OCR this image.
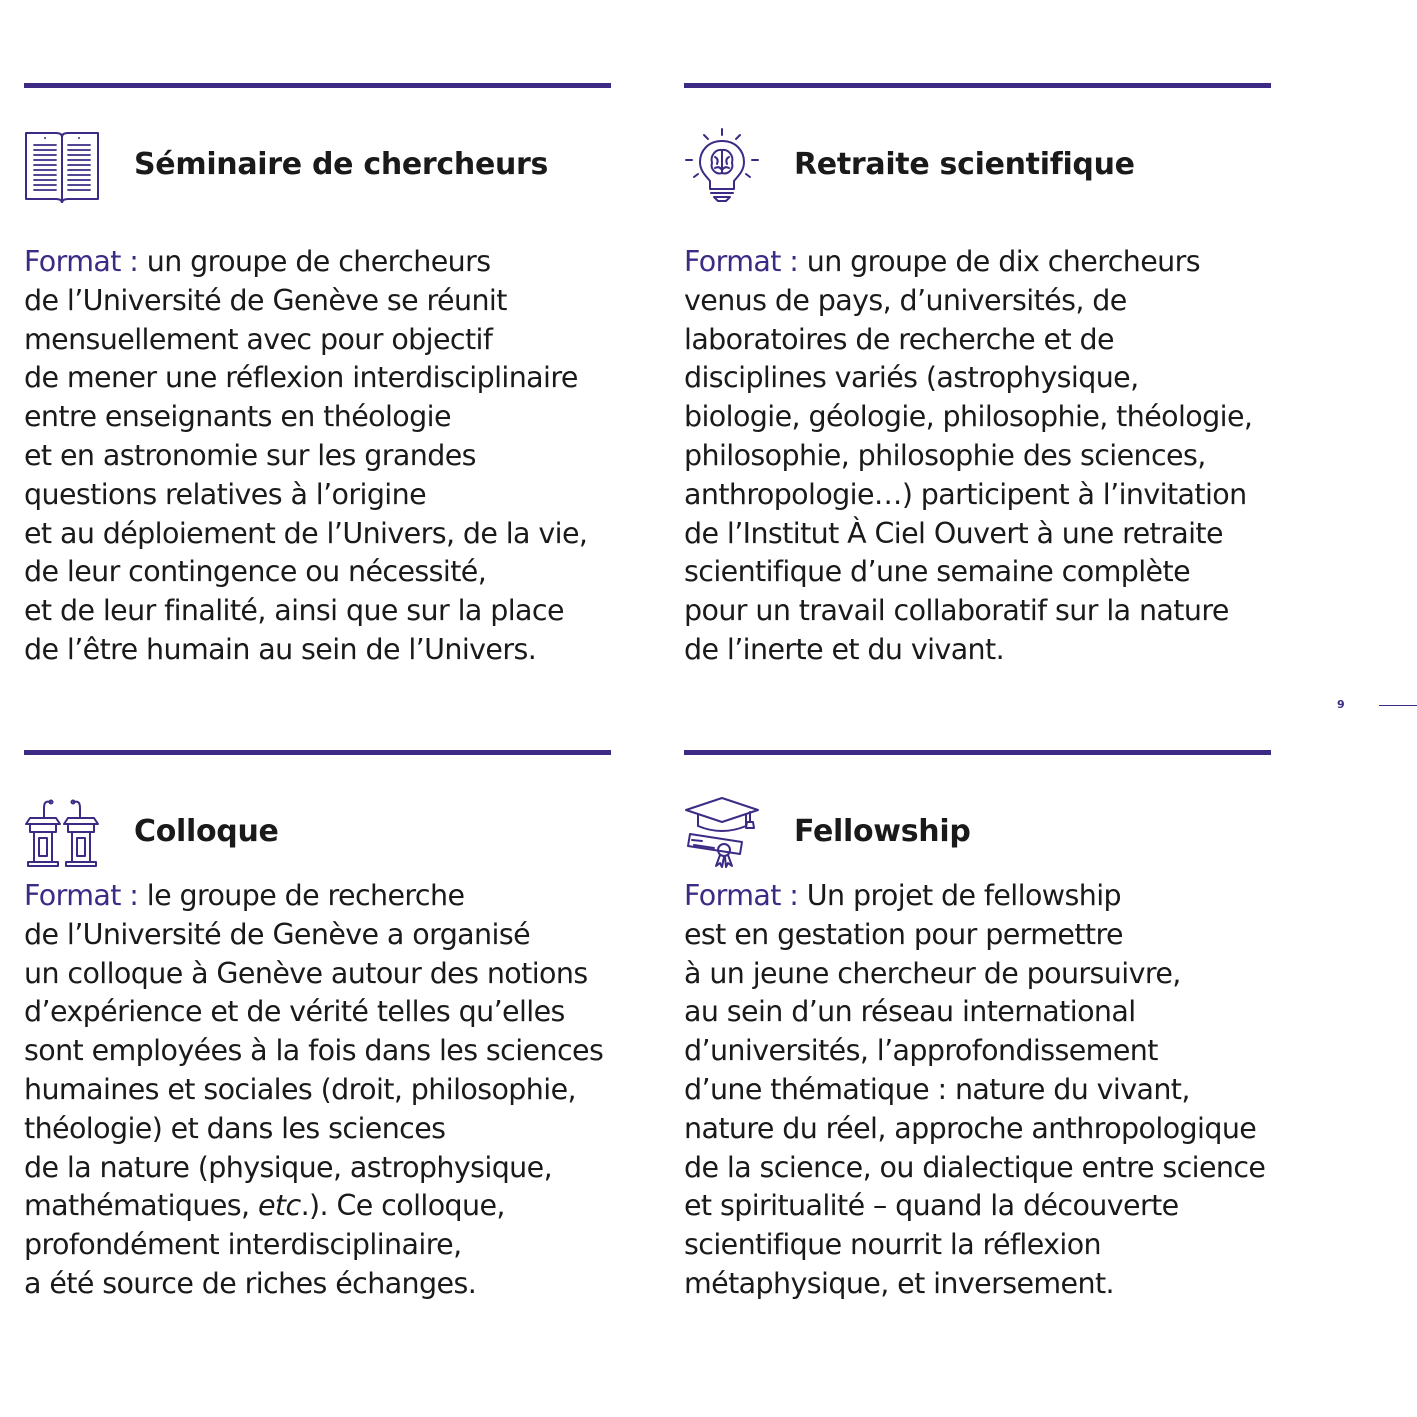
Séminaire de chercheurs
Format : un groupe de chercheurs
de l’Université de Genève se réunit
mensuellement avec pour objectif
de mener une réflexion interdisciplinaire
entre enseignants en théologie
et en astronomie sur les grandes
questions relatives à l’origine
et au déploiement de l’Univers, de la vie,
de leur contingence ou nécessité,
et de leur finalité, ainsi que sur la place
de l’être humain au sein de l’Univers.
Retraite scientifique
Format : un groupe de dix chercheurs
venus de pays, d’universités, de
laboratoires de recherche et de
disciplines variés (astrophysique,
biologie, géologie, philosophie, théologie,
philosophie, philosophie des sciences,
anthropologie…) participent à l’invitation
de l’Institut À Ciel Ouvert à une retraite
scientifique d’une semaine complète
pour un travail collaboratif sur la nature
de l’inerte et du vivant.
Colloque
Format : le groupe de recherche
de l’Université de Genève a organisé
un colloque à Genève autour des notions
d’expérience et de vérité telles qu’elles
sont employées à la fois dans les sciences
humaines et sociales (droit, philosophie,
théologie) et dans les sciences
de la nature (physique, astrophysique,
mathématiques, etc.). Ce colloque,
profondément interdisciplinaire,
a été source de riches échanges.
Fellowship
Format : Un projet de fellowship
est en gestation pour permettre
à un jeune chercheur de poursuivre,
au sein d’un réseau international
d’universités, l’approfondissement
d’une thématique : nature du vivant,
nature du réel, approche anthropologique
de la science, ou dialectique entre science
et spiritualité – quand la découverte
scientifique nourrit la réflexion
métaphysique, et inversement.
9
